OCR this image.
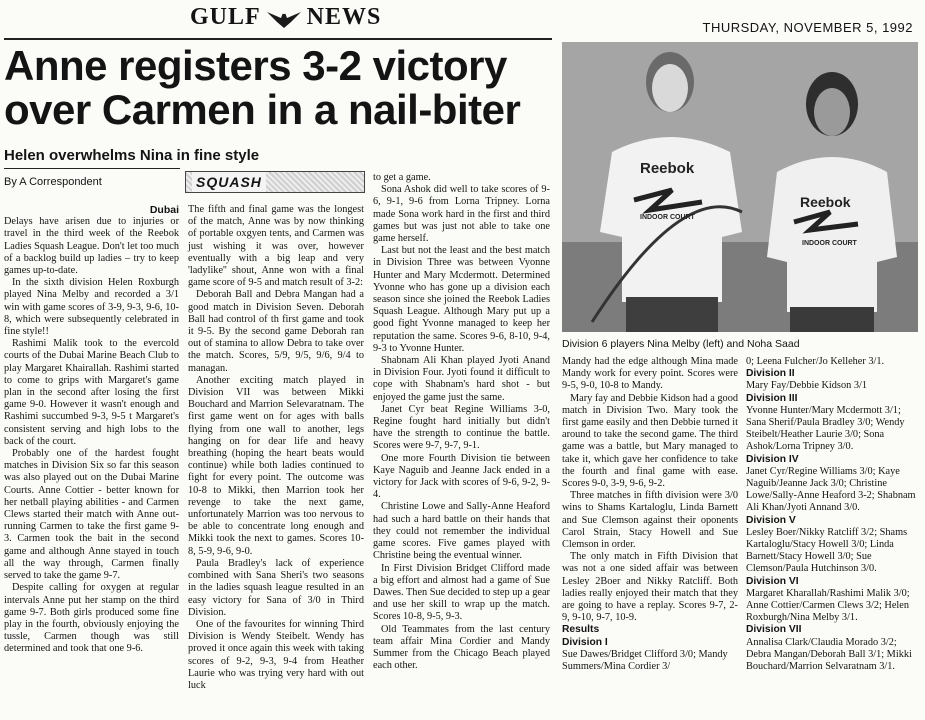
GULF NEWS	THURSDAY, NOVEMBER 5, 1992
Anne registers 3-2 victory
over Carmen in a nail-biter
Helen overwhelms Nina in fine style
By A Correspondent	SQUASH
Dubai

Delays have arisen due to injuries or travel in the third week of the Reebok Ladies Squash League. Don't let too much of a backlog build up ladies – try to keep games up-to-date.

In the sixth division Helen Roxburgh played Nina Melby and recorded a 3/1 win with game scores of 3-9, 9-3, 9-6, 10-8, which were subsequently celebrated in fine style!!

Rashimi Malik took to the evercold courts of the Dubai Marine Beach Club to play Margaret Khairallah. Rashimi started to come to grips with Margaret's game plan in the second after losing the first game 9-0. However it wasn't enough and Rashimi succumbed 9-3, 9-5 t Margaret's consistent serving and high lobs to the back of the court.

Probably one of the hardest fought matches in Division Six so far this season was also played out on the Dubai Marine Courts. Anne Cottier - better known for her netball playing abilities - and Carmen Clews started their match with Anne out-running Carmen to take the first game 9-3. Carmen took the bait in the second game and although Anne stayed in touch all the way through, Carmen finally served to take the game 9-7.

Despite calling for oxygen at regular intervals Anne put her stamp on the third game 9-7. Both girls produced some fine play in the fourth, obviously enjoying the tussle, Carmen though was still determined and took that one 9-6.

The fifth and final game was the longest of the match, Anne was by now thinking of portable oxgyen tents, and Carmen was just wishing it was over, however eventually with a big leap and very 'ladylike'' shout, Anne won with a final game score of 9-5 and match result of 3-2:

Deborah Ball and Debra Mangan had a good match in Division Seven. Deborah Ball had control of th first game and took it 9-5. By the second game Deborah ran out of stamina to allow Debra to take over the match. Scores, 5/9, 9/5, 9/6, 9/4 to managan.

Another exciting match played in Division VII was between Mikki Bouchard and Marrion Selevaratnam. The first game went on for ages with balls flying from one wall to another, legs hanging on for dear life and heavy breathing (hoping the heart beats would continue) while both ladies continued to fight for every point. The outcome was 10-8 to Mikki, then Marrion took her revenge to take the next game, unfortunately Marrion was too nervous to be able to concentrate long enough and Mikki took the next to games. Scores 10-8, 5-9, 9-6, 9-0.

Paula Bradley's lack of experience combined with Sana Sheri's two seasons in the ladies squash league resulted in an easy victory for Sana of 3/0 in Third Division.

One of the favourites for winning Third Division is Wendy Steibelt. Wendy has proved it once again this week with taking scores of 9-2, 9-3, 9-4 from Heather Laurie who was trying very hard with out luck

to get a game.

Sona Ashok did well to take scores of 9-6, 9-1, 9-6 from Lorna Tripney. Lorna made Sona work hard in the first and third games but was just not able to take one game herself.

Last but not the least and the best match in Division Three was between Vyonne Hunter and Mary Mcdermott. Determined Yvonne who has gone up a division each season since she joined the Reebok Ladies Squash League. Although Mary put up a good fight Yvonne managed to keep her reputation the same. Scores 9-6, 8-10, 9-4, 9-3 to Yvonne Hunter.

Shabnam Ali Khan played Jyoti Anand in Division Four. Jyoti found it difficult to cope with Shabnam's hard shot - but enjoyed the game just the same.

Janet Cyr beat Regine Williams 3-0, Regine fought hard initially but didn't have the strength to continue the battle. Scores were 9-7, 9-7, 9-1.

One more Fourth Division tie between Kaye Naguib and Jeanne Jack ended in a victory for Jack with scores of 9-6, 9-2, 9-4.

Christine Lowe and Sally-Anne Heaford had such a hard battle on their hands that they could not remember the individual game scores. Five games played with Christine being the eventual winner.

In First Division Bridget Clifford made a big effort and almost had a game of Sue Dawes. Then Sue decided to step up a gear and use her skill to wrap up the match. Scores 10-8, 9-5, 9-3.

Old Teammates from the last century team affair Mina Cordier and Mandy Summer from the Chicago Beach played each other.

Reebok
INDOOR COURT
Reebok
INDOOR COURT
Division 6 players Nina Melby (left) and Noha Saad

Mandy had the edge although Mina made Mandy work for every point. Scores were 9-5, 9-0, 10-8 to Mandy.

Mary fay and Debbie Kidson had a good match in Division Two. Mary took the first game easily and then Debbie turned it around to take the second game. The third game was a battle, but Mary managed to take it, which gave her confidence to take the fourth and final game with ease. Scores 9-0, 3-9, 9-6, 9-2.

Three matches in fifth division were 3/0 wins to Shams Kartaloglu, Linda Barnett and Sue Clemson against their oponents Carol Strain, Stacy Howell and Sue Clemson in order.

The only match in Fifth Division that was not a one sided affair was between Lesley 2Boer and Nikky Ratcliff. Both ladies really enjoyed their match that they are going to have a replay. Scores 9-7, 2-9, 9-10, 9-7, 10-9.

Results
Division I

Sue Dawes/Bridget Clifford 3/0; Mandy Summers/Mina Cordier 3/

0; Leena Fulcher/Jo Kelleher 3/1.

Division II

Mary Fay/Debbie Kidson 3/1

Division III

Yvonne Hunter/Mary Mcdermott 3/1; Sana Sherif/Paula Bradley 3/0; Wendy Steibelt/Heather Laurie 3/0; Sona Ashok/Lorna Tripney 3/0.

Division IV

Janet Cyr/Regine Williams 3/0; Kaye Naguib/Jeanne Jack 3/0; Christine Lowe/Sally-Anne Heaford 3-2; Shabnam Ali Khan/Jyoti Annand 3/0.

Division V

Lesley Boer/Nikky Ratcliff 3/2; Shams Kartaloglu/Stacy Howell 3/0; Linda Barnett/Stacy Howell 3/0; Sue Clemson/Paula Hutchinson 3/0.

Division VI

Margaret Kharallah/Rashimi Malik 3/0; Anne Cottier/Carmen Clews 3/2; Helen Roxburgh/Nina Melby 3/1.

Division VII

Annalisa Clark/Claudia Morado 3/2; Debra Mangan/Deborah Ball 3/1; Mikki Bouchard/Marrion Selvaratnam 3/1.
